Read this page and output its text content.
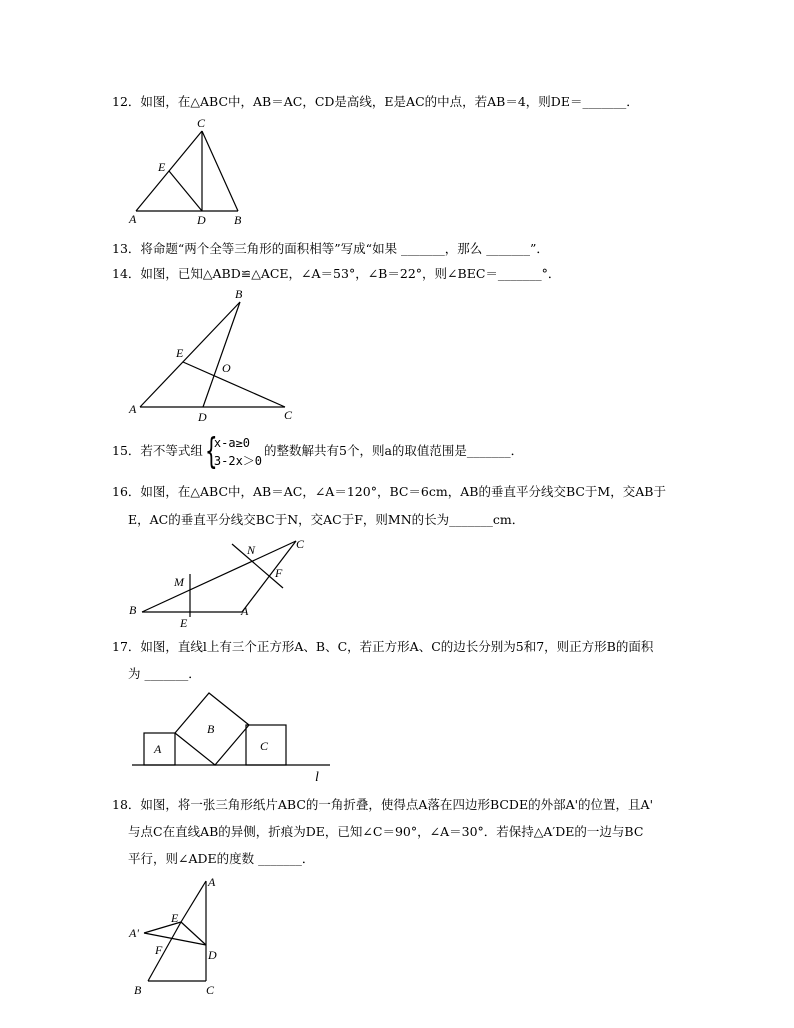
12．如图，在△ABC中，AB＝AC，CD是高线，E是AC的中点，若AB＝4，则DE＝_______．
C
E
A	D B
13．将命题“两个全等三角形的面积相等”写成“如果 _______，那么 _______”．
14．如图，已知△ABD≌△ACE，∠A＝53°，∠B＝22°，则∠BEC＝_______°．
B
E
O
A
D	C
15．若不等式组 {
x-a≥0
3-2x＞0
的整数解共有5个，则a的取值范围是_______．
16．如图，在△ABC中，AB＝AC，∠A＝120°，BC＝6cm，AB的垂直平分线交BC于M，交AB于
E，AC的垂直平分线交BC于N，交AC于F，则MN的长为_______cm．
N	C
M
F
B
E
A
17．如图，直线l上有三个正方形A、B、C，若正方形A、C的边长分别为5和7，则正方形B的面积
为 _______．
A
B
C
l
18．如图，将一张三角形纸片ABC的一角折叠，使得点A落在四边形BCDE的外部A'的位置，且A'
与点C在直线AB的异侧，折痕为DE，已知∠C＝90°，∠A＝30°．若保持△A′DE的一边与BC
平行，则∠ADE的度数 _______．
A
E
A'
F	D
B	C
